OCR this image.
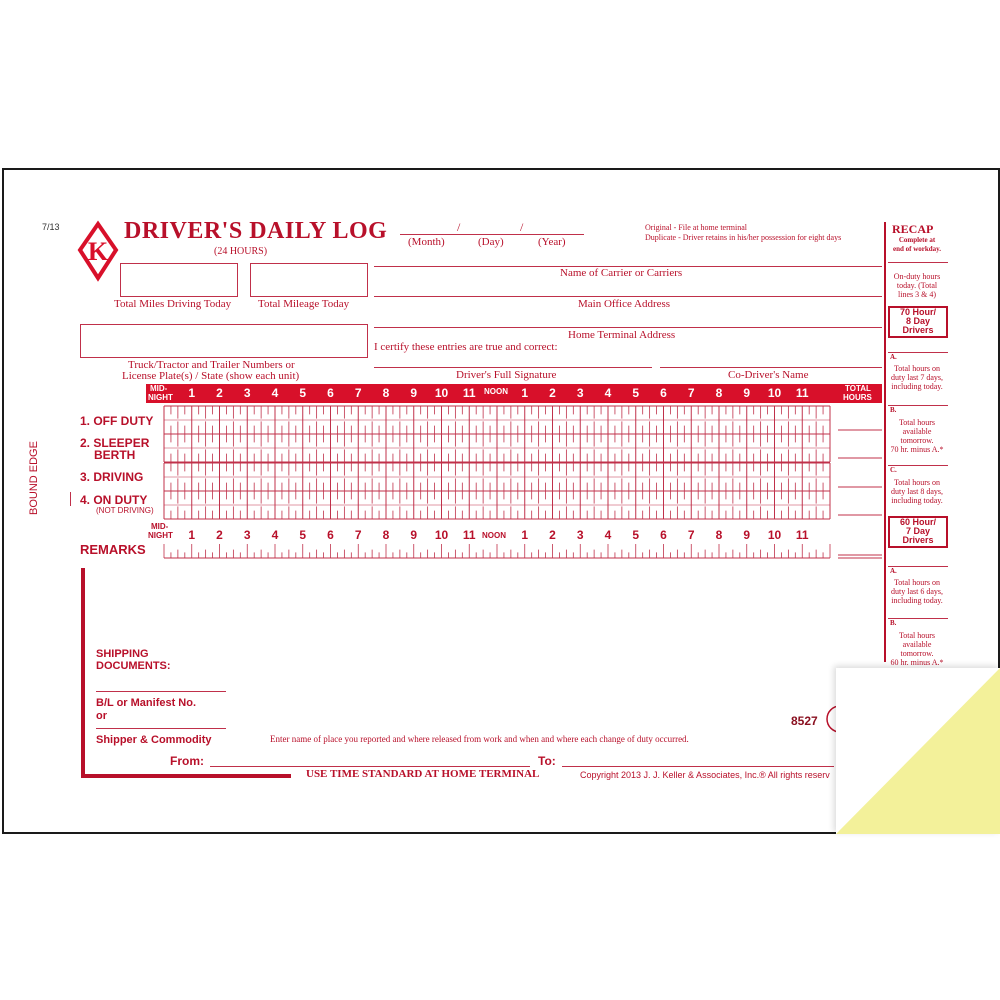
7/13
K
DRIVER'S DAILY LOG
(24 HOURS)
/	/
(Month)	(Day)	(Year)
Original - File at home terminal
Duplicate - Driver retains in his/her possession for eight days
Total Miles Driving Today Total Mileage Today
Name of Carrier or Carriers
Main Office Address
Home Terminal Address
I certify these entries are true and correct:
Truck/Tractor and Trailer Numbers or
License Plate(s) / State (show each unit)	Driver's Full Signature	Co-Driver's Name
MID-
NIGHT
NOON	TOTAL
HOURS
1	2	3	4	5	6	7	8	9	10	11	1	2	3	4	5	6	7	8	9	10	11
1. OFF DUTY
2. SLEEPER
BERTH
3. DRIVING
4. ON DUTY
(NOT DRIVING)
MID-
NIGHT	NOON
1	2	3	4	5	6	7	8	9	10	11	1	2	3	4	5	6	7	8	9	10	11
BOUND EDGE
REMARKS
SHIPPING
DOCUMENTS:
B/L or Manifest No.
or
Shipper & Commodity	Enter name of place you reported and where released from work and when and where each change of duty occurred.
From:	To:
USE TIME STANDARD AT HOME TERMINAL	Copyright 2013 J. J. Keller & Associates, Inc.® All rights reserv
8527
RECAP
Complete at
end of workday.
On-duty hours
today. (Total
lines 3 & 4)
70 Hour/
8 Day
Drivers
A.
Total hours on
duty last 7 days,
including today.
B.
Total hours
available
tomorrow.
70 hr. minus A.*
C.
Total hours on
duty last 8 days,
including today.
60 Hour/
7 Day
Drivers
A.
Total hours on
duty last 6 days,
including today.
B.
Total hours
available
tomorrow.
60 hr. minus A.*
